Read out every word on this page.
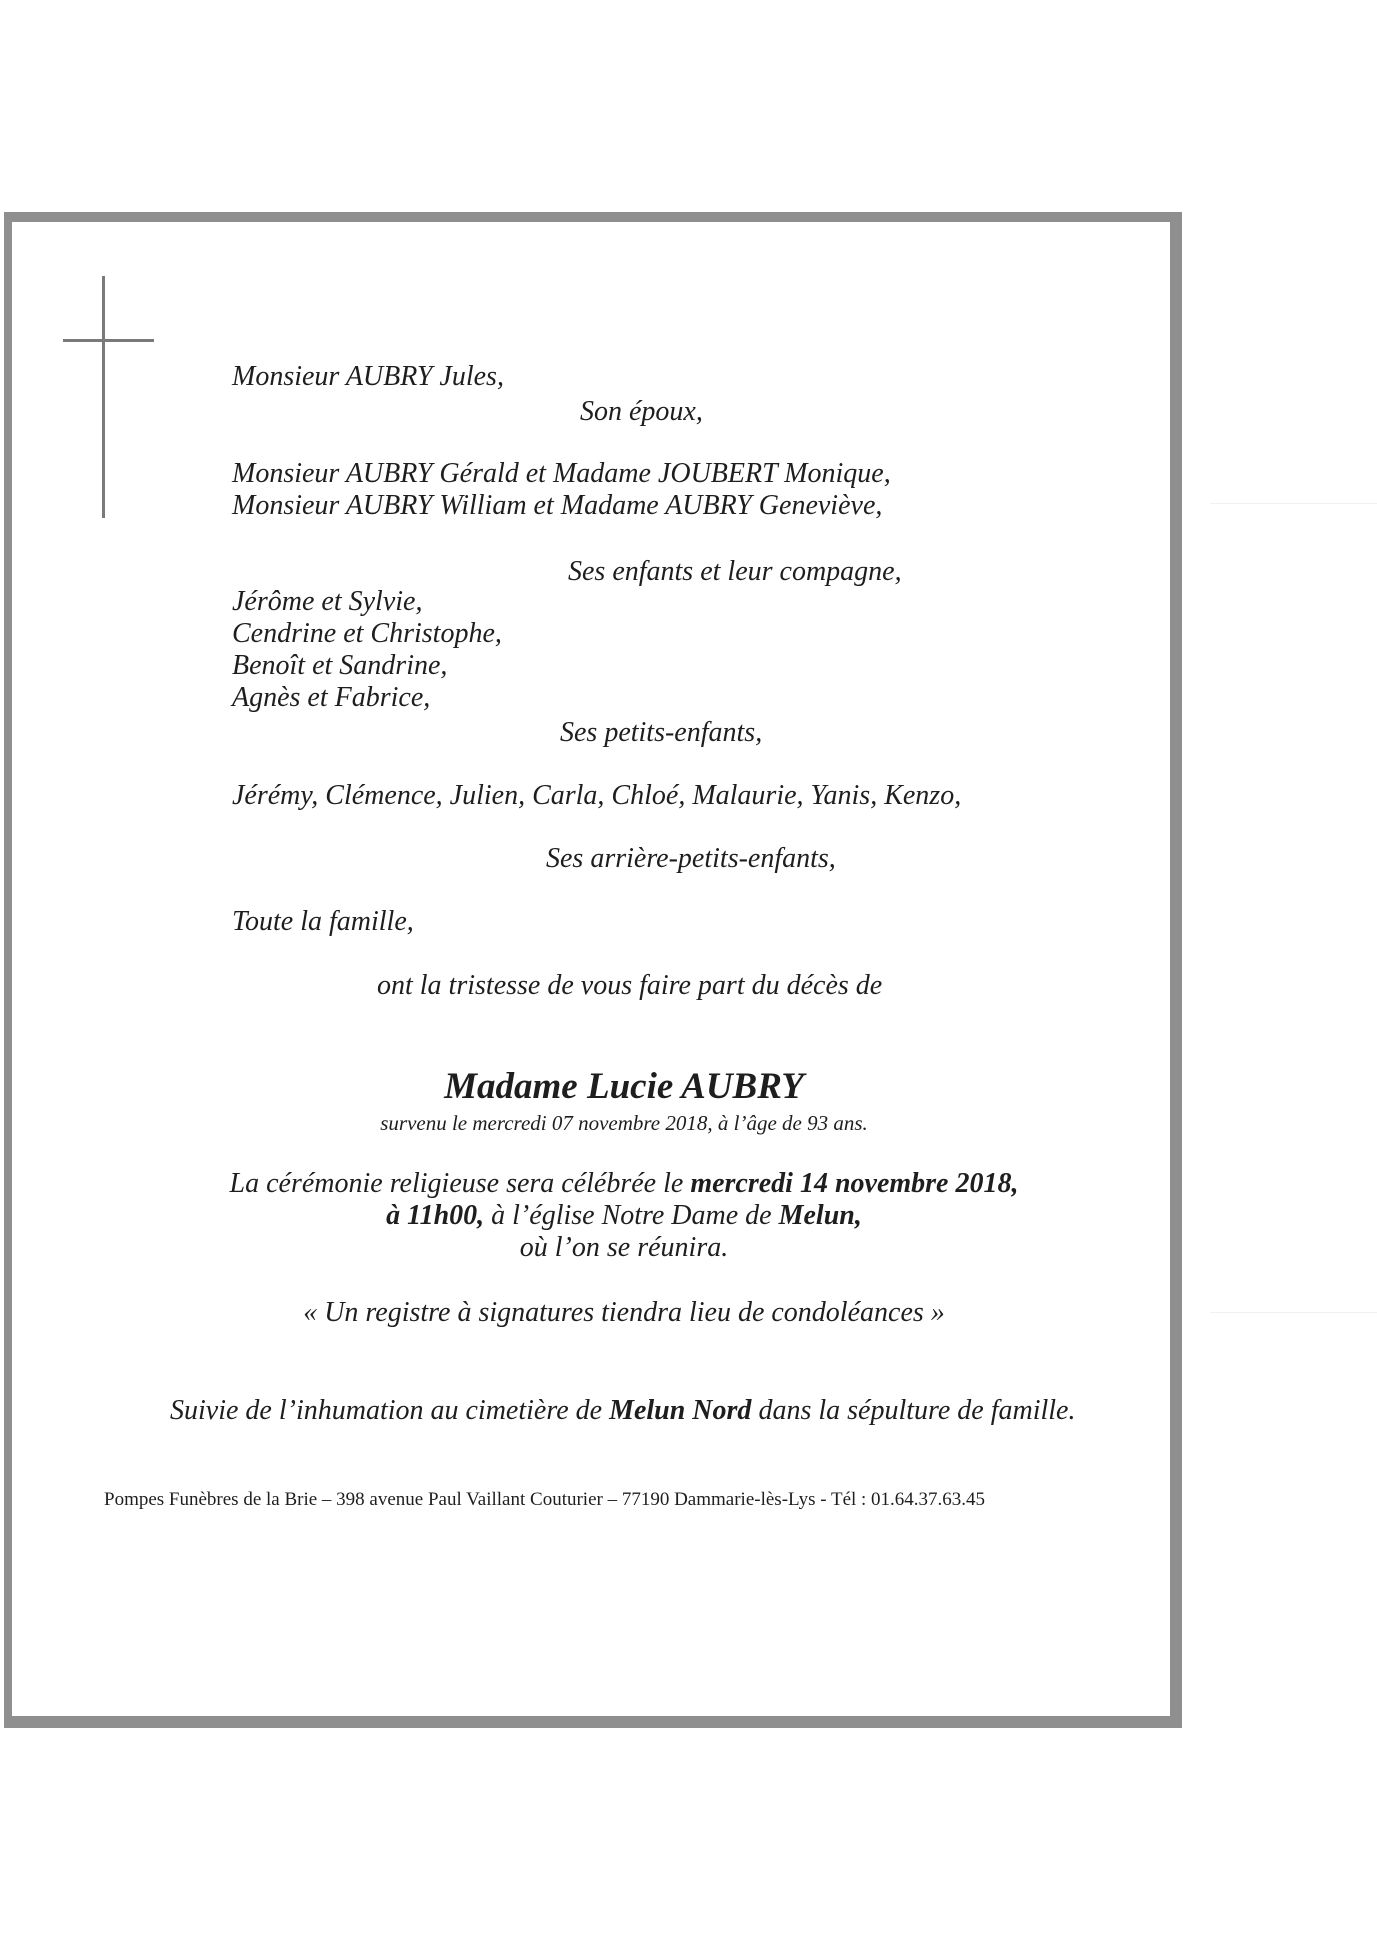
Monsieur AUBRY Jules,
Son époux,
Monsieur AUBRY Gérald et Madame JOUBERT Monique,
Monsieur AUBRY William et Madame AUBRY Geneviève,
Ses enfants et leur compagne,
Jérôme et Sylvie,
Cendrine et Christophe,
Benoît et Sandrine,
Agnès et Fabrice,
Ses petits-enfants,
Jérémy, Clémence, Julien, Carla, Chloé, Malaurie, Yanis, Kenzo,
Ses arrière-petits-enfants,
Toute la famille,
ont la tristesse de vous faire part du décès de
Madame Lucie AUBRY
survenu le mercredi 07 novembre 2018, à l’âge de 93 ans.
La cérémonie religieuse sera célébrée le mercredi 14 novembre 2018,
à 11h00, à l’église Notre Dame de Melun,
où l’on se réunira.
« Un registre à signatures tiendra lieu de condoléances »
Suivie de l’inhumation au cimetière de Melun Nord dans la sépulture de famille.
Pompes Funèbres de la Brie – 398 avenue Paul Vaillant Couturier – 77190 Dammarie-lès-Lys - Tél : 01.64.37.63.45
